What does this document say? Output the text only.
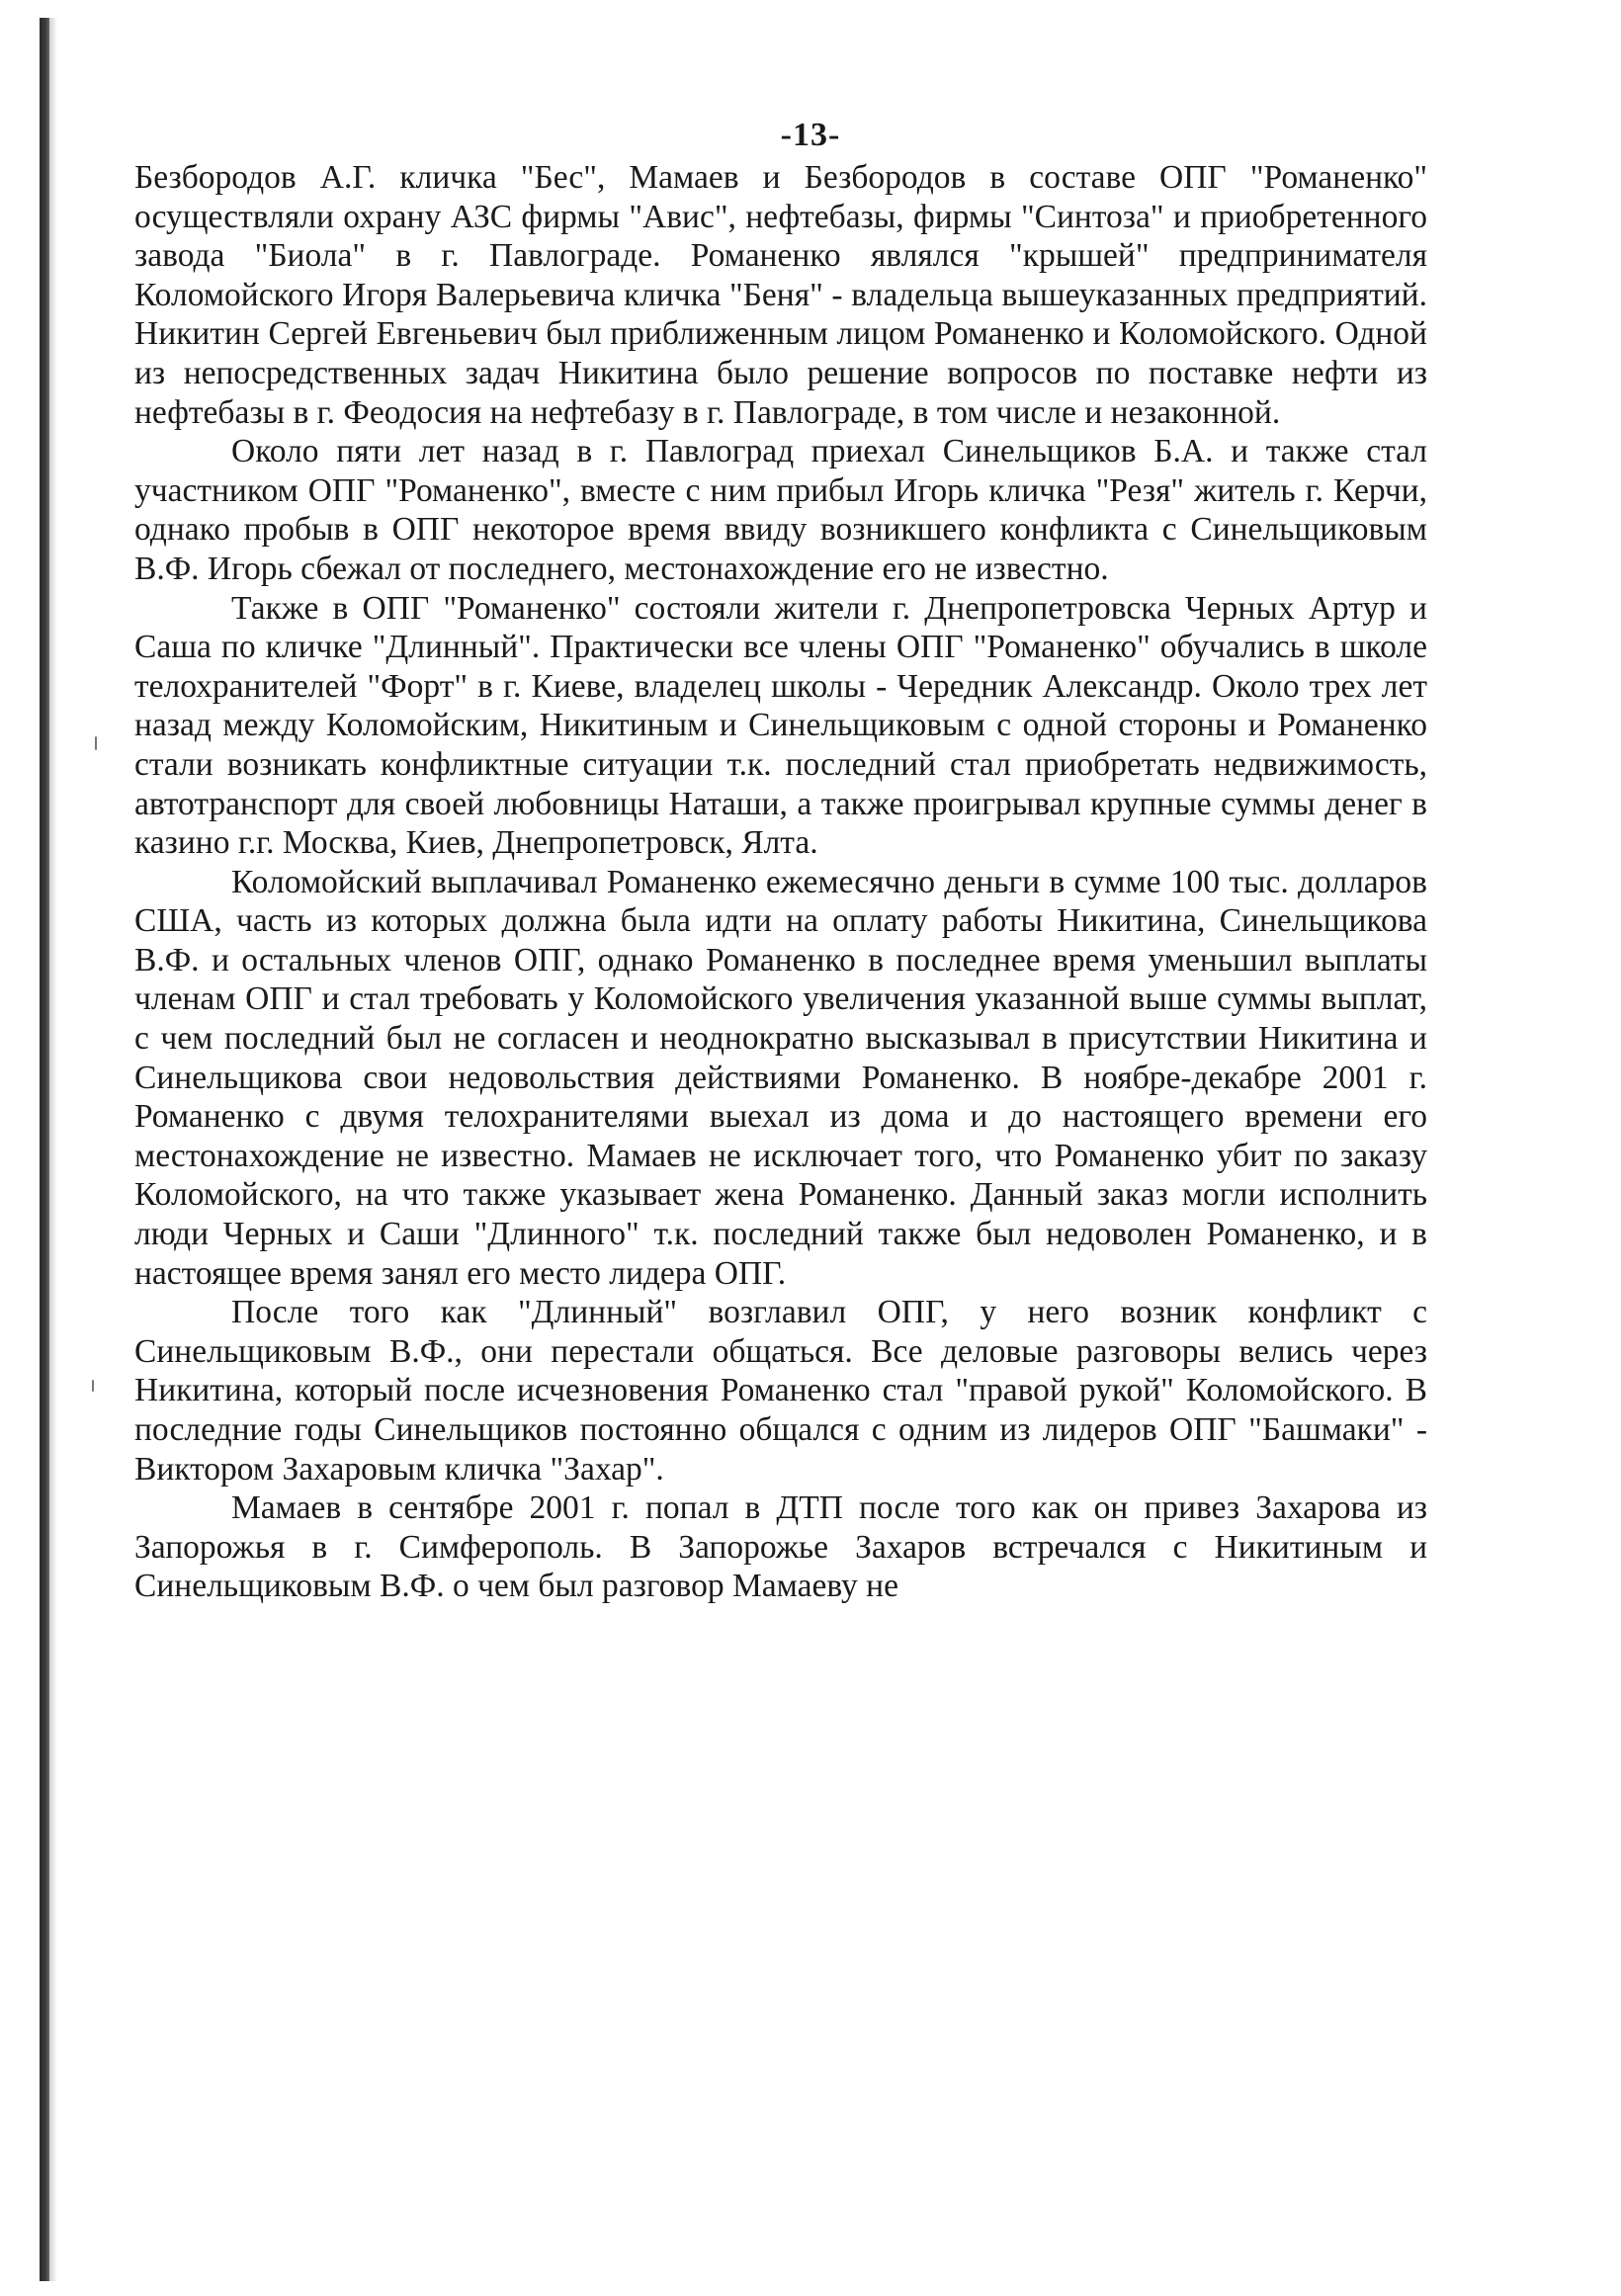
-13-

Безбородов А.Г. кличка "Бес", Мамаев и Безбородов в составе ОПГ "Романенко" осуществляли охрану АЗС фирмы "Авис", нефтебазы, фирмы "Синтоза" и приобретенного завода "Биола" в г. Павлограде. Романенко являлся "крышей" предпринимателя Коломойского Игоря Валерьевича кличка "Беня" - владельца вышеуказанных предприятий. Никитин Сергей Евгеньевич был приближенным лицом Романенко и Коломойского. Одной из непосредственных задач Никитина было решение вопросов по поставке нефти из нефтебазы в г. Феодосия на нефтебазу в г. Павлограде, в том числе и незаконной.

Около пяти лет назад в г. Павлоград приехал Синельщиков Б.А. и также стал участником ОПГ "Романенко", вместе с ним прибыл Игорь кличка "Резя" житель г. Керчи, однако пробыв в ОПГ некоторое время ввиду возникшего конфликта с Синельщиковым В.Ф. Игорь сбежал от последнего, местонахождение его не известно.

Также в ОПГ "Романенко" состояли жители г. Днепропетровска Черных Артур и Саша по кличке "Длинный". Практически все члены ОПГ "Романенко" обучались в школе телохранителей "Форт" в г. Киеве, владелец школы - Чередник Александр. Около трех лет назад между Коломойским, Никитиным и Синельщиковым с одной стороны и Романенко стали возникать конфликтные ситуации т.к. последний стал приобретать недвижимость, автотранспорт для своей любовницы Наташи, а также проигрывал крупные суммы денег в казино г.г. Москва, Киев, Днепропетровск, Ялта.

Коломойский выплачивал Романенко ежемесячно деньги в сумме 100 тыс. долларов США, часть из которых должна была идти на оплату работы Никитина, Синельщикова В.Ф. и остальных членов ОПГ, однако Романенко в последнее время уменьшил выплаты членам ОПГ и стал требовать у Коломойского увеличения указанной выше суммы выплат, с чем последний был не согласен и неоднократно высказывал в присутствии Никитина и Синельщикова свои недовольствия действиями Романенко. В ноябре-декабре 2001 г. Романенко с двумя телохранителями выехал из дома и до настоящего времени его местонахождение не известно. Мамаев не исключает того, что Романенко убит по заказу Коломойского, на что также указывает жена Романенко. Данный заказ могли исполнить люди Черных и Саши "Длинного" т.к. последний также был недоволен Романенко, и в настоящее время занял его место лидера ОПГ.

После того как "Длинный" возглавил ОПГ, у него возник конфликт с Синельщиковым В.Ф., они перестали общаться. Все деловые разговоры велись через Никитина, который после исчезновения Романенко стал "правой рукой" Коломойского. В последние годы Синельщиков постоянно общался с одним из лидеров ОПГ "Башмаки" - Виктором Захаровым кличка "Захар".

Мамаев в сентябре 2001 г. попал в ДТП после того как он привез Захарова из Запорожья в г. Симферополь. В Запорожье Захаров встречался с Никитиным и Синельщиковым В.Ф. о чем был разговор Мамаеву не
